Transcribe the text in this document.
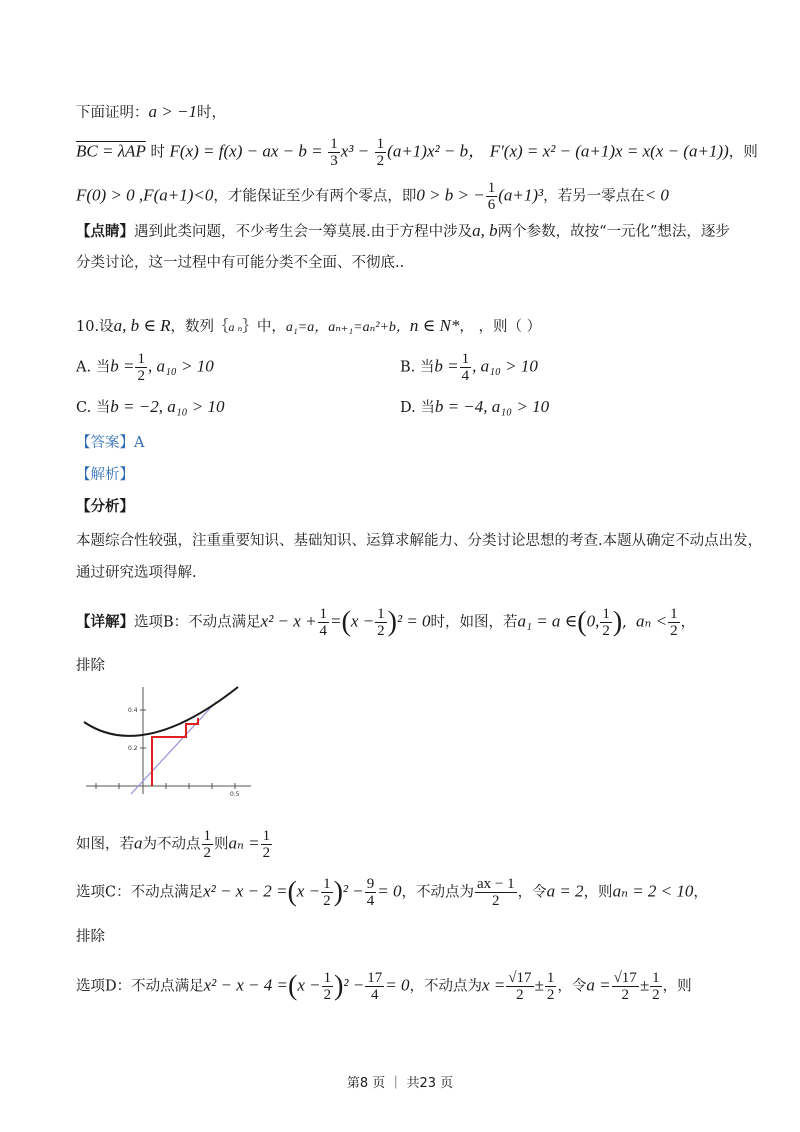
下面证明：a > −1时，
BC = λAP 时 F(x) = f(x) − ax − $b = \frac{1}{3} x^3 - \frac{1}{2} (a+1)x^2 - b$， F′(x) = x² − (a+1)x = x(x − (a+1))，则
F(0) > 0 ,F(a+1)<0，才能保证至少有两个零点，即0 > b > − $\frac{1}{6} (a+1)^3$，若另一零点在< 0
【点睛】遇到此类问题，不少考生会一筹莫展.由于方程中涉及a, b两个参数，故按“一元化”想法，逐步
分类讨论，这一过程中有可能分类不全面、不彻底..
10.设a, b ∈ R，数列｛a ₙ｝中，a₁=a，aₙ₊₁=aₙ²+b，n ∈ N*， ，则（ ）
A. 当$b = \frac{1}{2}$ , a₁₀ > 10	B. 当$b = \frac{1}{4}$ , a₁₀ > 10
C. 当b = −2, a₁₀ > 10	D. 当b = −4, a₁₀ > 10
【答案】A
【解析】
【分析】
本题综合性较强，注重重要知识、基础知识、运算求解能力、分类讨论思想的考查.本题从确定不动点出发，
通过研究选项得解.
【详解】选项B：不动点满足$x^2 - x + \frac{1}{4} =(x - \frac{1}{2} )^2 = 0$时，如图，若a₁ = a ∈(0, $\frac{1}{2}$ ),  $a_n < \frac{1}{2}$ ，
排除
0.4
0.2
0.5
如图，若a为不动点 $\frac{1}{2}$ 则$a_n = \frac{1}{2}$
选项C：不动点满足$x^2 - x - 2 =(x - \frac{1}{2} )^2 - \frac{9}{4} = 0$，不动点为 $\frac{ax - 1}{2}$ ，令a = 2，则aₙ = 2 < 10，
排除
选项D：不动点满足$x^2 - x - 4 =(x - \frac{1}{2} )^2 - \frac{17}{4} = 0$，不动点为$x = \frac{√17}{2} \pm \frac{1}{2}$ ，令$a = \frac{√17}{2} \pm \frac{1}{2}$ ，则
第8 页 ｜ 共23 页
